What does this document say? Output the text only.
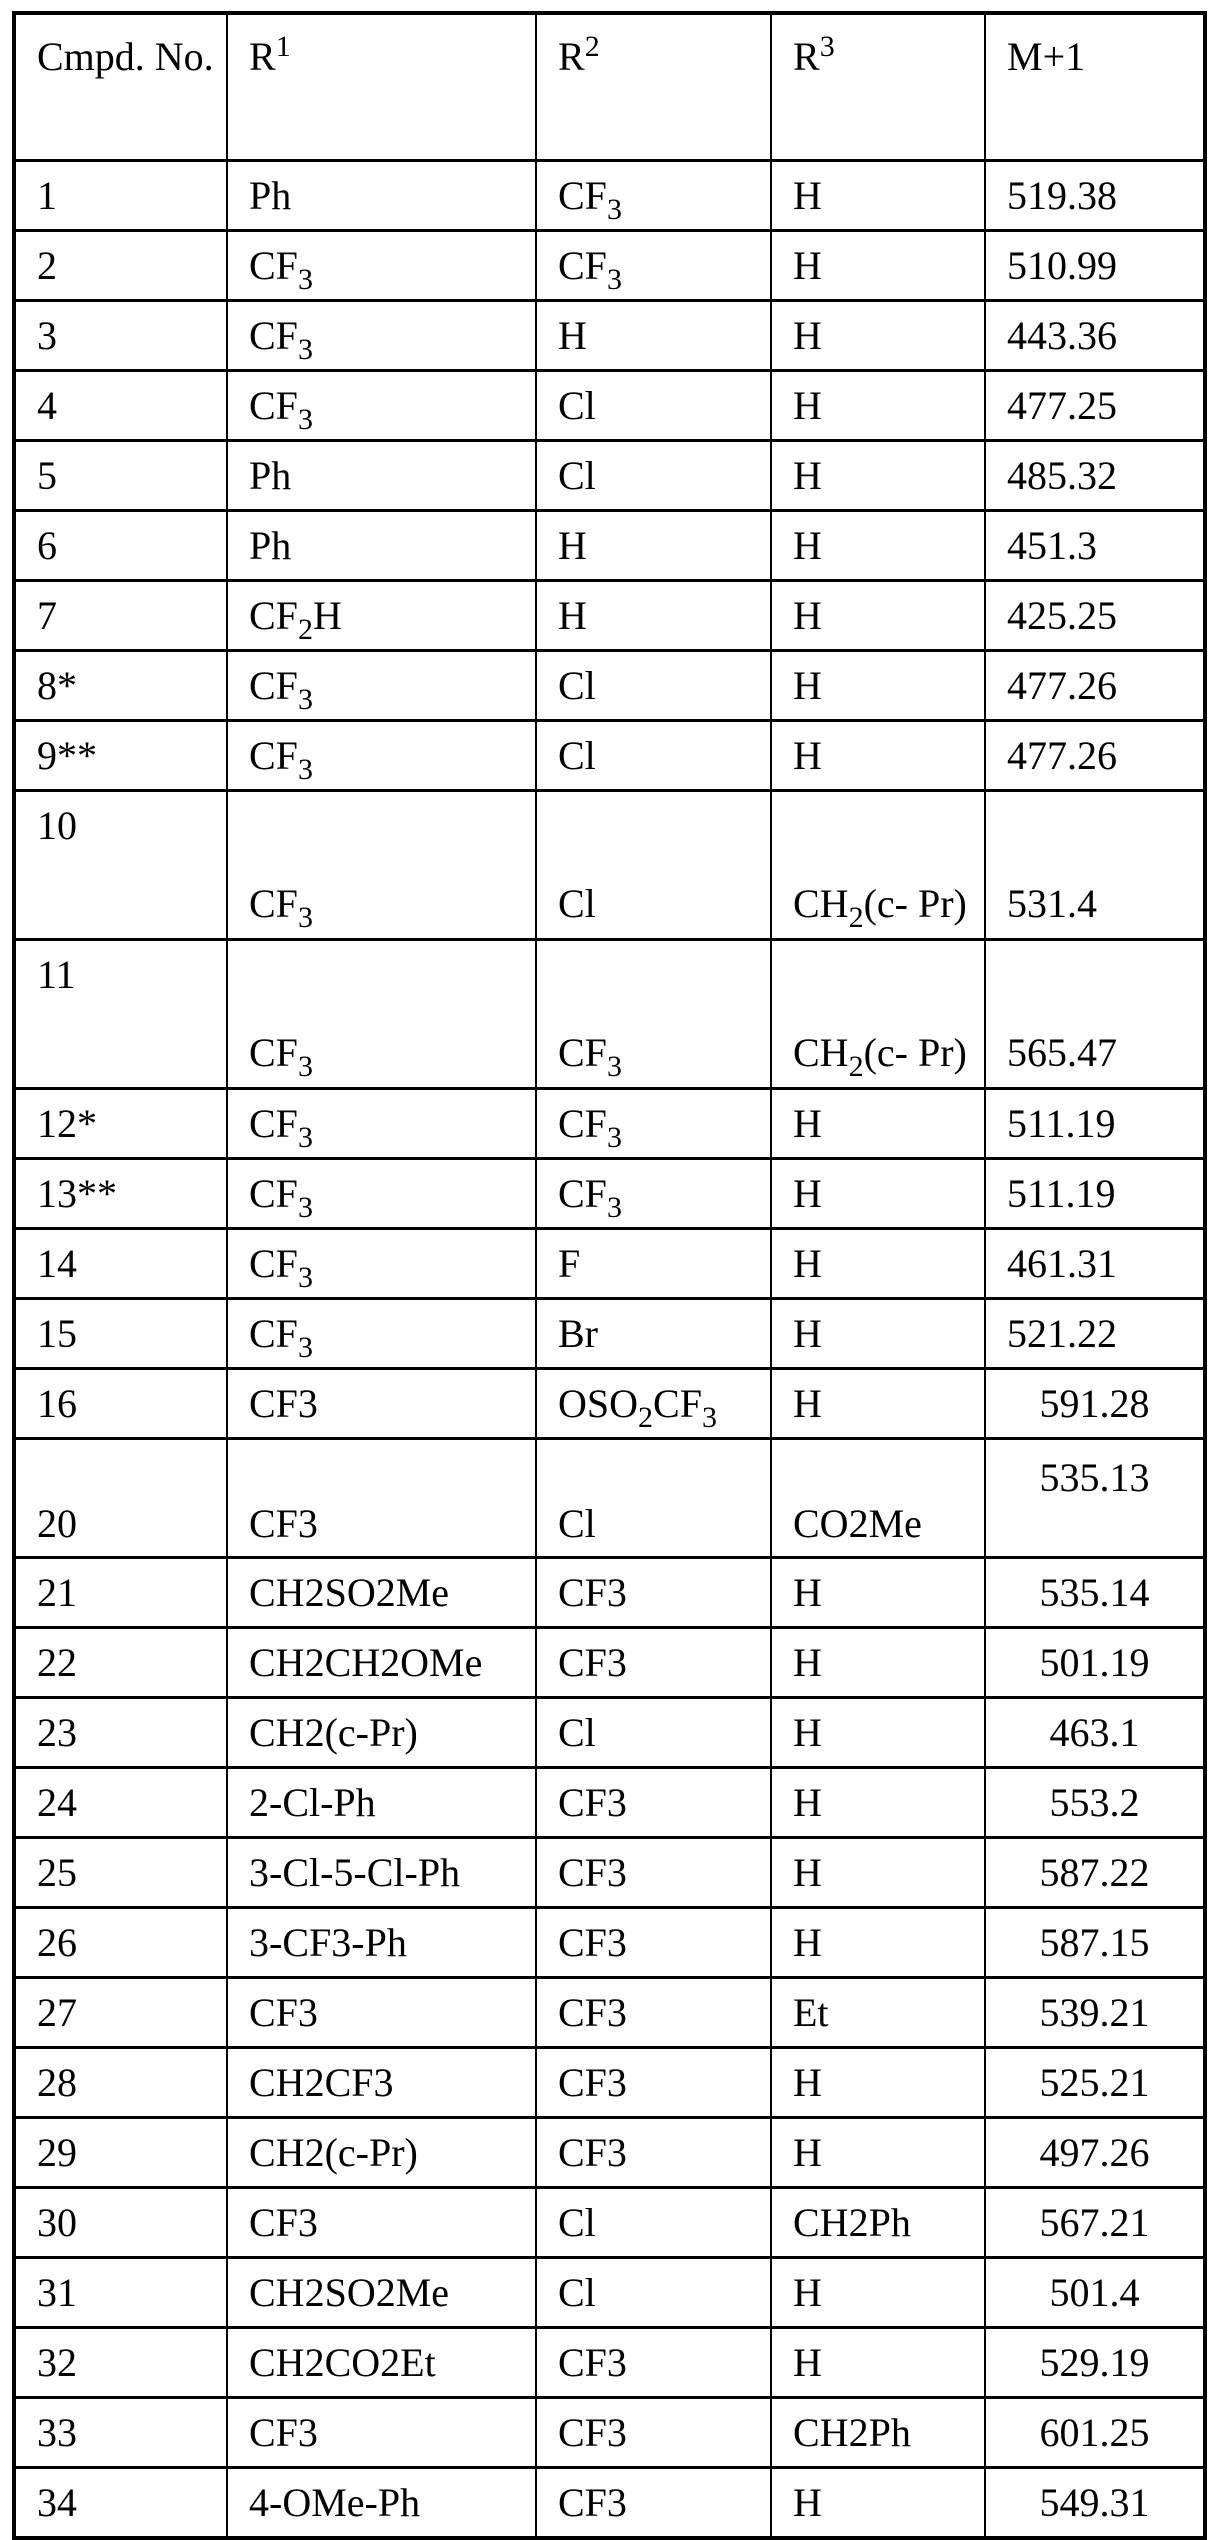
Cmpd. No.	R1	R2	R3	M+1
1	Ph	CF3	H	519.38
2	CF3	CF3	H	510.99
3	CF3	H	H	443.36
4	CF3	Cl	H	477.25
5	Ph	Cl	H	485.32
6	Ph	H	H	451.3
7	CF2H	H	H	425.25
8*	CF3	Cl	H	477.26
9**	CF3	Cl	H	477.26
10	CF3	Cl	CH2(c- Pr)	531.4
11	CF3	CF3	CH2(c- Pr)	565.47
12*	CF3	CF3	H	511.19
13**	CF3	CF3	H	511.19
14	CF3	F	H	461.31
15	CF3	Br	H	521.22
16	CF3	OSO2CF3	H	591.28
20	CF3	Cl	CO2Me	535.13
21	CH2SO2Me	CF3	H	535.14
22	CH2CH2OMe	CF3	H	501.19
23	CH2(c-Pr)	Cl	H	463.1
24	2-Cl-Ph	CF3	H	553.2
25	3-Cl-5-Cl-Ph	CF3	H	587.22
26	3-CF3-Ph	CF3	H	587.15
27	CF3	CF3	Et	539.21
28	CH2CF3	CF3	H	525.21
29	CH2(c-Pr)	CF3	H	497.26
30	CF3	Cl	CH2Ph	567.21
31	CH2SO2Me	Cl	H	501.4
32	CH2CO2Et	CF3	H	529.19
33	CF3	CF3	CH2Ph	601.25
34	4-OMe-Ph	CF3	H	549.31
